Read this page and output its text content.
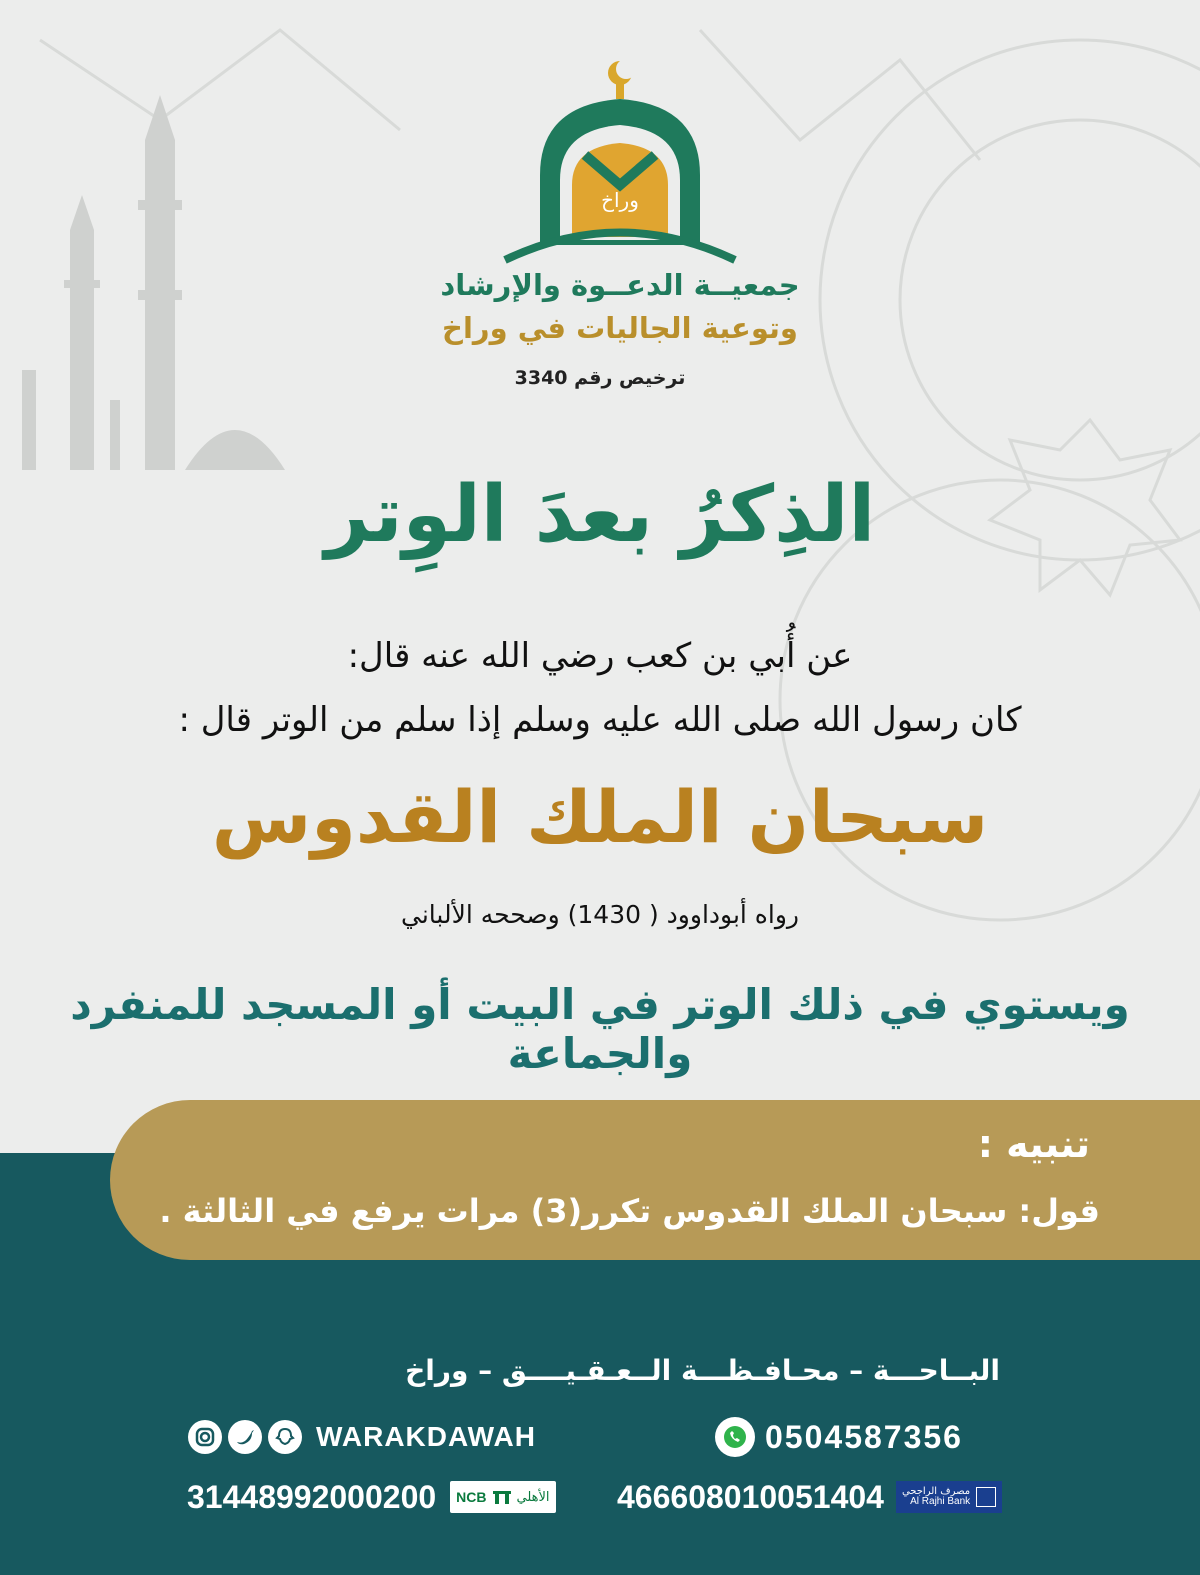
وراخ
جمعيــة الدعــوة والإرشاد
وتوعية الجاليات في وراخ
ترخيص رقم 3340
الذِكرُ بعدَ الوِتر
عن أُبي بن كعب رضي الله عنه قال:
كان رسول الله صلى الله عليه وسلم إذا سلم من الوتر قال :
سبحان الملك القدوس
رواه أبوداوود ( 1430) وصححه الألباني
ويستوي في ذلك الوتر في البيت أو المسجد للمنفرد والجماعة
تنبيه :
قول: سبحان الملك القدوس تكرر(3) مرات يرفع في الثالثة .
البــاحـــة – محـافـظـــة الــعـقـيــــق – وراخ
WARAKDAWAH	0504587356
31448992000200 NCB الأهلي 466608010051404 مصرف الراجحي
Al Rajhi Bank
